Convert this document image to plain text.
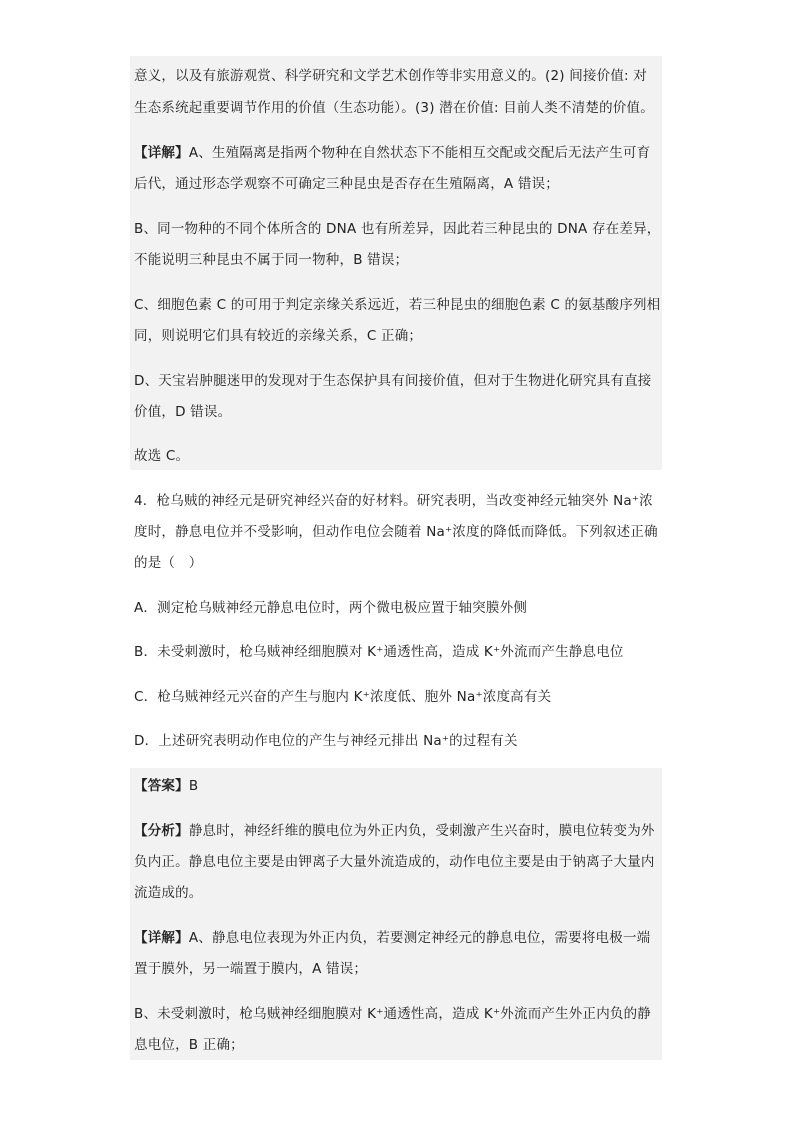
意义，以及有旅游观赏、科学研究和文学艺术创作等非实用意义的。(2) 间接价值: 对
生态系统起重要调节作用的价值（生态功能）。(3) 潜在价值: 目前人类不清楚的价值。
【详解】A、生殖隔离是指两个物种在自然状态下不能相互交配或交配后无法产生可育
后代，通过形态学观察不可确定三种昆虫是否存在生殖隔离，A 错误；
B、同一物种的不同个体所含的 DNA 也有所差异，因此若三种昆虫的 DNA 存在差异，
不能说明三种昆虫不属于同一物种，B 错误；
C、细胞色素 C 的可用于判定亲缘关系远近，若三种昆虫的细胞色素 C 的氨基酸序列相
同，则说明它们具有较近的亲缘关系，C 正确；
D、天宝岩肿腿迷甲的发现对于生态保护具有间接价值，但对于生物进化研究具有直接
价值，D 错误。
故选 C。
4．枪乌贼的神经元是研究神经兴奋的好材料。研究表明，当改变神经元轴突外 Na⁺浓
度时，静息电位并不受影响，但动作电位会随着 Na⁺浓度的降低而降低。下列叙述正确
的是（　）
A．测定枪乌贼神经元静息电位时，两个微电极应置于轴突膜外侧
B．未受刺激时，枪乌贼神经细胞膜对 K⁺通透性高，造成 K⁺外流而产生静息电位
C．枪乌贼神经元兴奋的产生与胞内 K⁺浓度低、胞外 Na⁺浓度高有关
D．上述研究表明动作电位的产生与神经元排出 Na⁺的过程有关
【答案】B
【分析】静息时，神经纤维的膜电位为外正内负，受刺激产生兴奋时，膜电位转变为外
负内正。静息电位主要是由钾离子大量外流造成的，动作电位主要是由于钠离子大量内
流造成的。
【详解】A、静息电位表现为外正内负，若要测定神经元的静息电位，需要将电极一端
置于膜外，另一端置于膜内，A 错误；
B、未受刺激时，枪乌贼神经细胞膜对 K⁺通透性高，造成 K⁺外流而产生外正内负的静
息电位，B 正确；
